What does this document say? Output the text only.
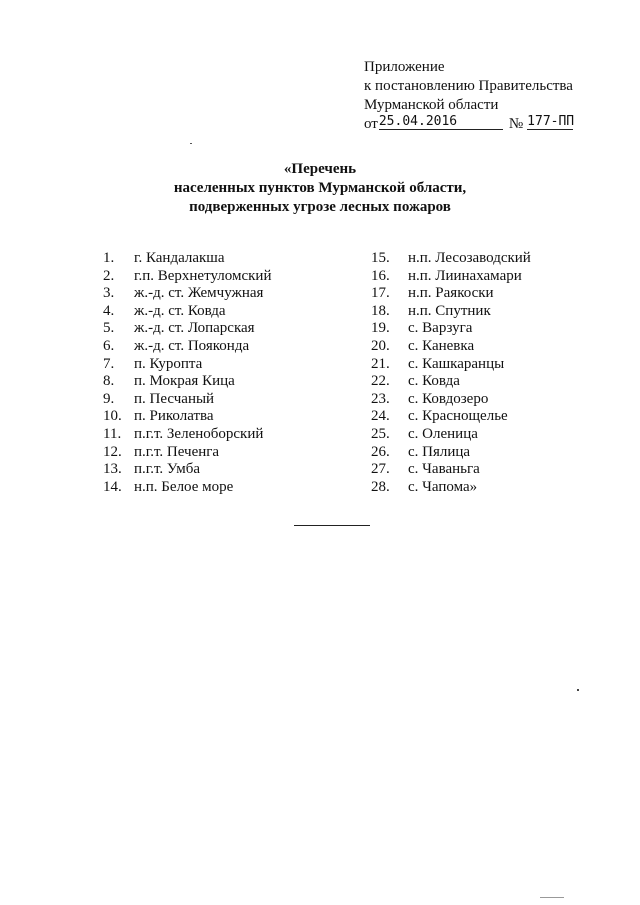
Приложение
к постановлению Правительства
Мурманской области
от 25.04.2016	№ 177-ПП
«Перечень
населенных пунктов Мурманской области,
подверженных угрозе лесных пожаров
1.	г. Кандалакша
2.	г.п. Верхнетуломский
3.	ж.-д. ст. Жемчужная
4.	ж.-д. ст. Ковда
5.	ж.-д. ст. Лопарская
6.	ж.-д. ст. Пояконда
7.	п. Куропта
8.	п. Мокрая Кица
9.	п. Песчаный
10. п. Риколатва
11. п.г.т. Зеленоборский
12. п.г.т. Печенга
13. п.г.т. Умба
14. н.п. Белое море
15.	н.п. Лесозаводский
16.	н.п. Лиинахамари
17.	н.п. Раякоски
18.	н.п. Спутник
19.	с. Варзуга
20.	с. Каневка
21.	с. Кашкаранцы
22.	с. Ковда
23.	с. Ковдозеро
24.	с. Краснощелье
25.	с. Оленица
26.	с. Пялица
27.	с. Чаваньга
28.	с. Чапома»
